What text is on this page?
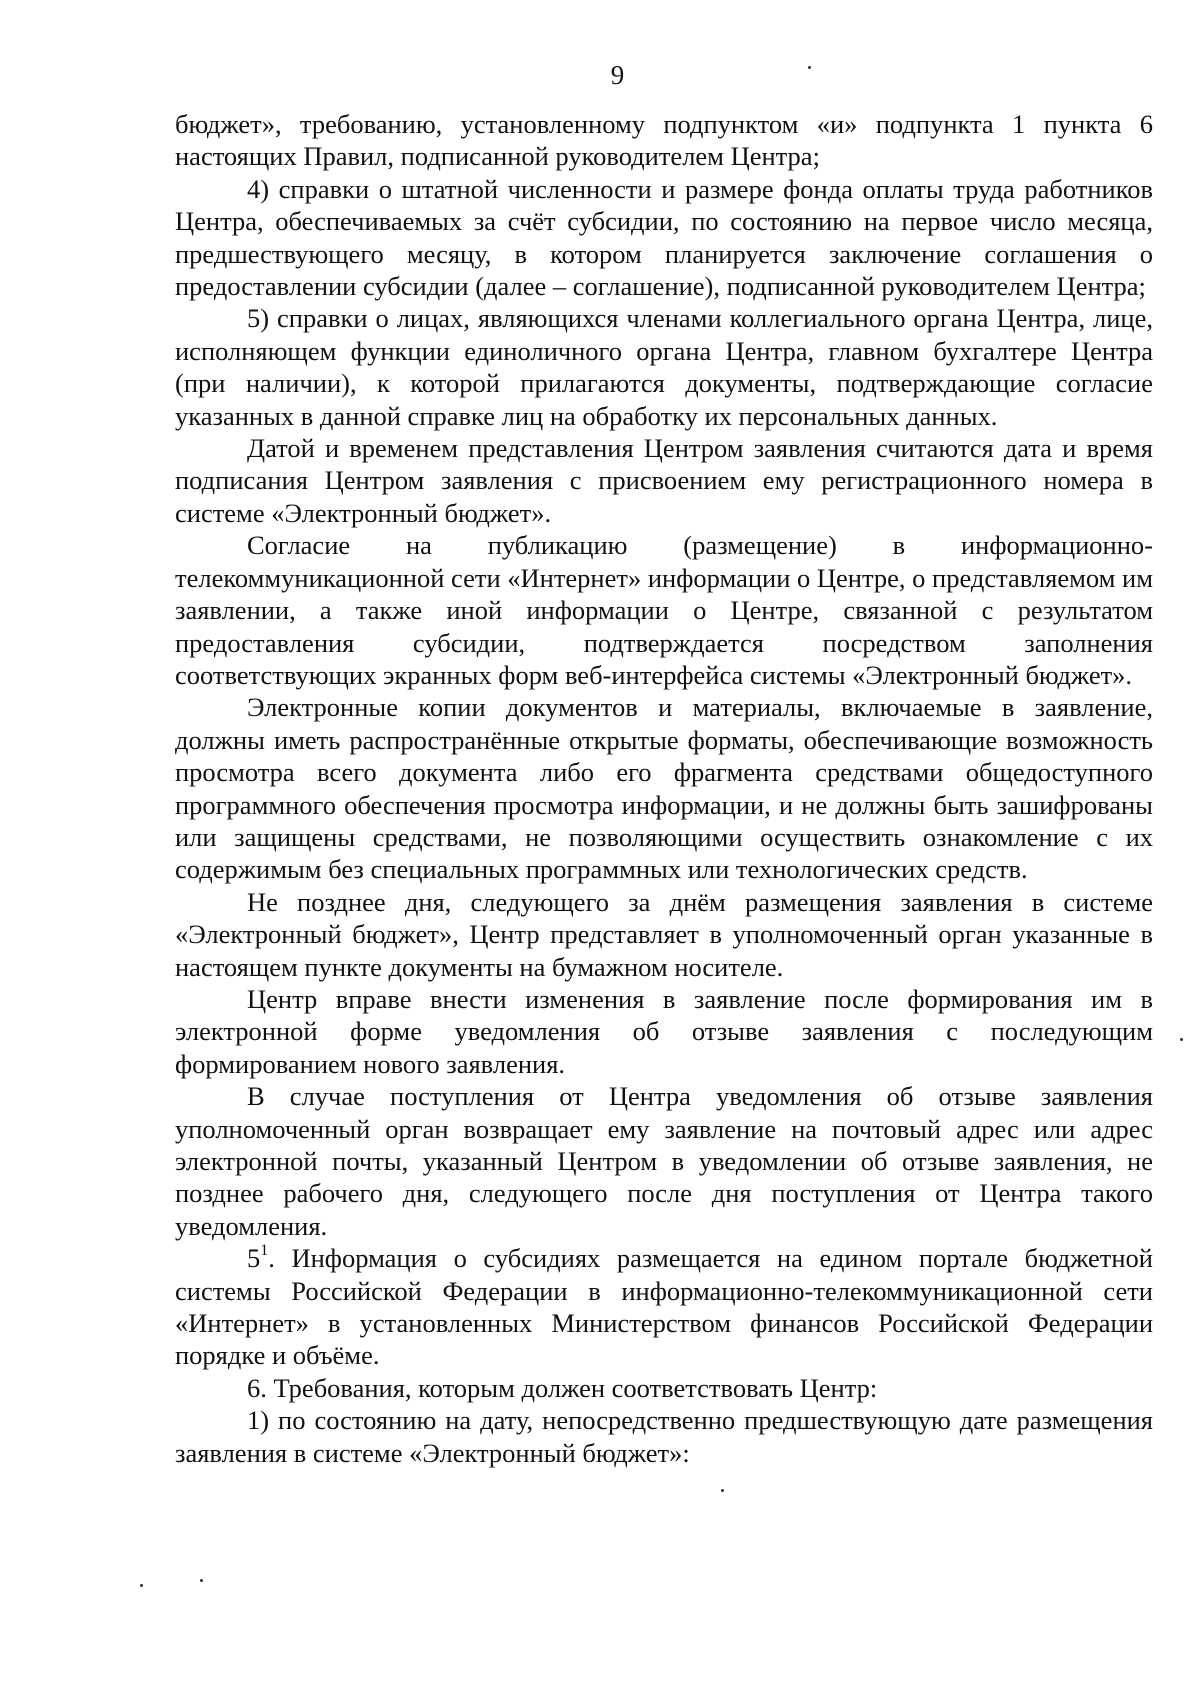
9

бюджет», требованию, установленному подпунктом «и» подпункта 1 пункта 6 настоящих Правил, подписанной руководителем Центра;

4) справки о штатной численности и размере фонда оплаты труда работников Центра, обеспечиваемых за счёт субсидии, по состоянию на первое число месяца, предшествующего месяцу, в котором планируется заключение соглашения о предоставлении субсидии (далее – соглашение), подписанной руководителем Центра;

5) справки о лицах, являющихся членами коллегиального органа Центра, лице, исполняющем функции единоличного органа Центра, главном бухгалтере Центра (при наличии), к которой прилагаются документы, подтверждающие согласие указанных в данной справке лиц на обработку их персональных данных.

Датой и временем представления Центром заявления считаются дата и время подписания Центром заявления с присвоением ему регистрационного номера в системе «Электронный бюджет».

Согласие на публикацию (размещение) в информационно-телекоммуникационной сети «Интернет» информации о Центре, о представляемом им заявлении, а также иной информации о Центре, связанной с результатом предоставления субсидии, подтверждается посредством заполнения соответствующих экранных форм веб-интерфейса системы «Электронный бюджет».

Электронные копии документов и материалы, включаемые в заявление, должны иметь распространённые открытые форматы, обеспечивающие возможность просмотра всего документа либо его фрагмента средствами общедоступного программного обеспечения просмотра информации, и не должны быть зашифрованы или защищены средствами, не позволяющими осуществить ознакомление с их содержимым без специальных программных или технологических средств.

Не позднее дня, следующего за днём размещения заявления в системе «Электронный бюджет», Центр представляет в уполномоченный орган указанные в настоящем пункте документы на бумажном носителе.

Центр вправе внести изменения в заявление после формирования им в электронной форме уведомления об отзыве заявления с последующим формированием нового заявления.

В случае поступления от Центра уведомления об отзыве заявления уполномоченный орган возвращает ему заявление на почтовый адрес или адрес электронной почты, указанный Центром в уведомлении об отзыве заявления, не позднее рабочего дня, следующего после дня поступления от Центра такого уведомления.

$5^1$. Информация о субсидиях размещается на едином портале бюджетной системы Российской Федерации в информационно-телекоммуникационной сети «Интернет» в установленных Министерством финансов Российской Федерации порядке и объёме.

6. Требования, которым должен соответствовать Центр:

1) по состоянию на дату, непосредственно предшествующую дате размещения заявления в системе «Электронный бюджет»:
